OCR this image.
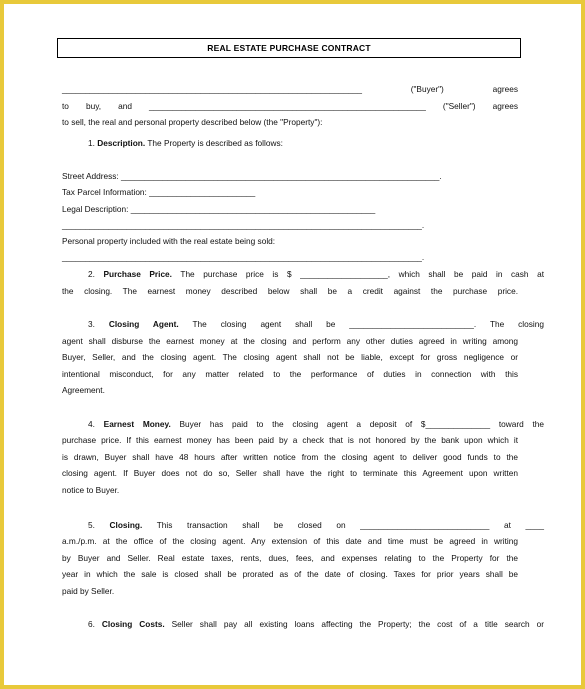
REAL ESTATE PURCHASE CONTRACT
_________________________________________________________________ ("Buyer") agrees
to buy, and ____________________________________________________________ ("Seller") agrees
to sell, the real and personal property described below (the "Property"):
1. Description. The Property is described as follows:
Street Address: _____________________________________________________________________.
Tax Parcel Information: _______________________
Legal Description: _____________________________________________________
______________________________________________________________________________.
Personal property included with the real estate being sold:
______________________________________________________________________________.
2. Purchase Price. The purchase price is $ ___________________, which shall be paid in cash at
the closing. The earnest money described below shall be a credit against the purchase price.
3. Closing Agent. The closing agent shall be ___________________________. The closing
agent shall disburse the earnest money at the closing and perform any other duties agreed in writing among
Buyer, Seller, and the closing agent. The closing agent shall not be liable, except for gross negligence or
intentional misconduct, for any matter related to the performance of duties in connection with this
Agreement.
4. Earnest Money. Buyer has paid to the closing agent a deposit of $______________ toward the
purchase price. If this earnest money has been paid by a check that is not honored by the bank upon which it
is drawn, Buyer shall have 48 hours after written notice from the closing agent to deliver good funds to the
closing agent. If Buyer does not do so, Seller shall have the right to terminate this Agreement upon written
notice to Buyer.
5. Closing. This transaction shall be closed on ____________________________ at ____
a.m./p.m. at the office of the closing agent. Any extension of this date and time must be agreed in writing
by Buyer and Seller. Real estate taxes, rents, dues, fees, and expenses relating to the Property for the
year in which the sale is closed shall be prorated as of the date of closing. Taxes for prior years shall be
paid by Seller.
6. Closing Costs. Seller shall pay all existing loans affecting the Property; the cost of a title search or
